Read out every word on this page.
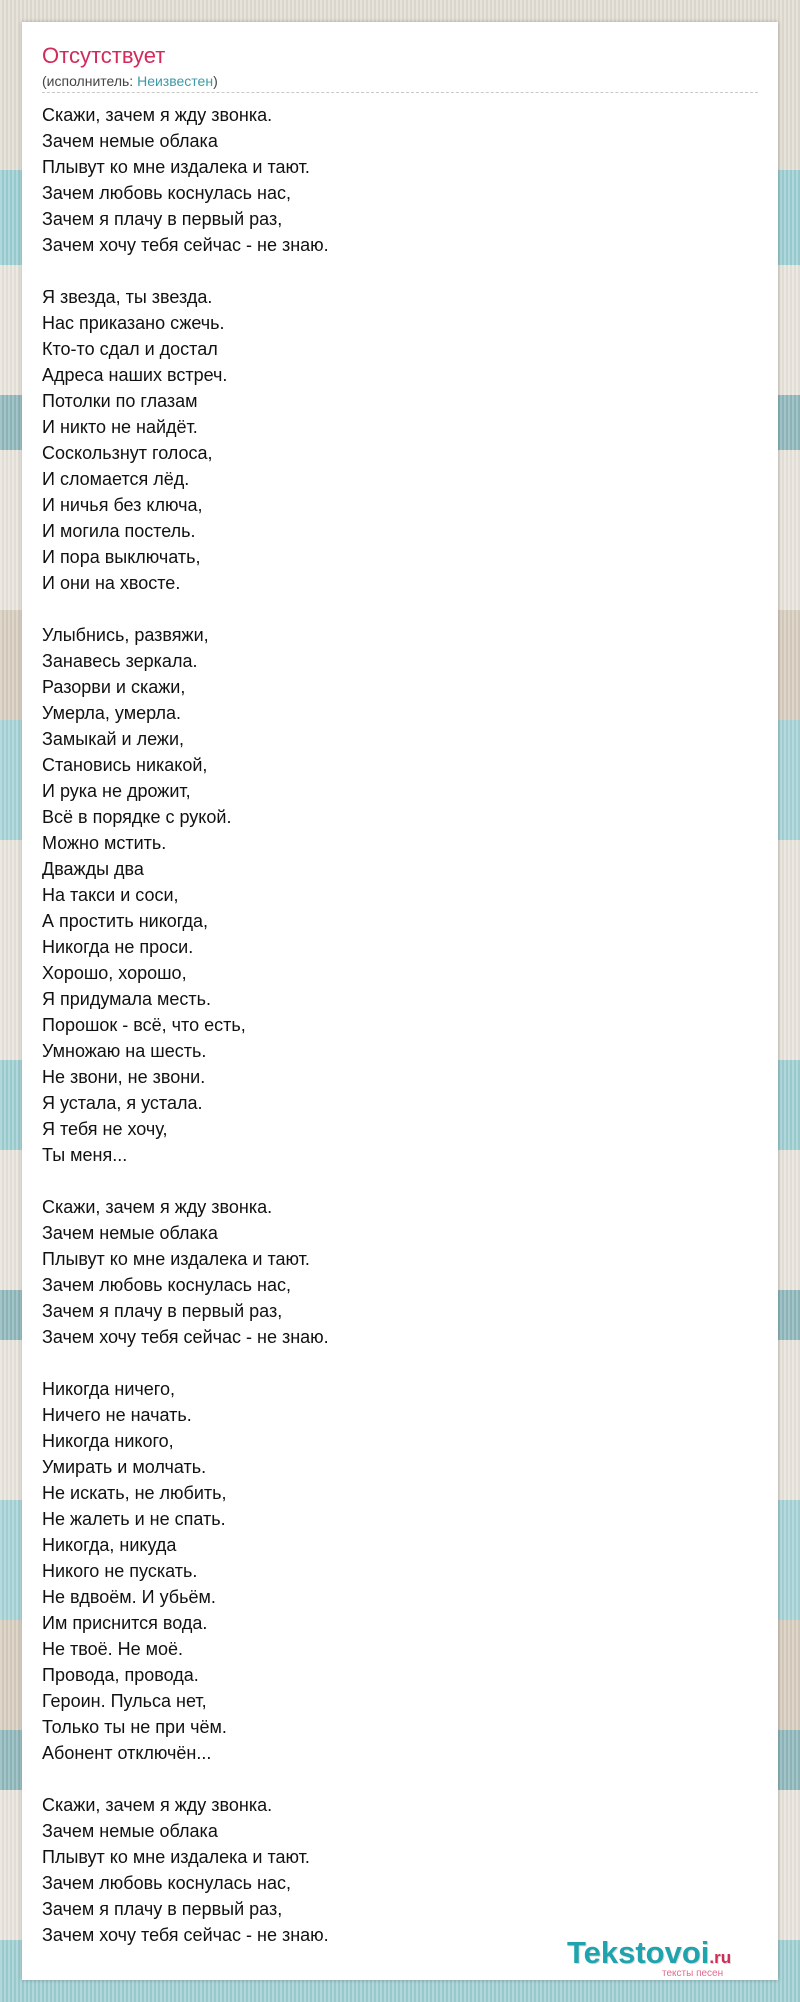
Отсутствует
(исполнитель: Неизвестен)
Скажи, зачем я жду звонка.
Зачем немые облака
Плывут ко мне издалека и тают.
Зачем любовь коснулась нас,
Зачем я плачу в первый раз,
Зачем хочу тебя сейчас - не знаю.
Я звезда, ты звезда.
Нас приказано сжечь.
Кто-то сдал и достал
Адреса наших встреч.
Потолки по глазам
И никто не найдёт.
Соскользнут голоса,
И сломается лёд.
И ничья без ключа,
И могила постель.
И пора выключать,
И они на хвосте.
Улыбнись, развяжи,
Занавесь зеркала.
Разорви и скажи,
Умерла, умерла.
Замыкай и лежи,
Становись никакой,
И рука не дрожит,
Всё в порядке с рукой.
Можно мстить.
Дважды два
На такси и соси,
А простить никогда,
Никогда не проси.
Хорошо, хорошо,
Я придумала месть.
Порошок - всё, что есть,
Умножаю на шесть.
Не звони, не звони.
Я устала, я устала.
Я тебя не хочу,
Ты меня...
Скажи, зачем я жду звонка.
Зачем немые облака
Плывут ко мне издалека и тают.
Зачем любовь коснулась нас,
Зачем я плачу в первый раз,
Зачем хочу тебя сейчас - не знаю.
Никогда ничего,
Ничего не начать.
Никогда никого,
Умирать и молчать.
Не искать, не любить,
Не жалеть и не спать.
Никогда, никуда
Никого не пускать.
Не вдвоём. И убьём.
Им приснится вода.
Не твоё. Не моё.
Провода, провода.
Героин. Пульса нет,
Только ты не при чём.
Абонент отключён...
Скажи, зачем я жду звонка.
Зачем немые облака
Плывут ко мне издалека и тают.
Зачем любовь коснулась нас,
Зачем я плачу в первый раз,
Зачем хочу тебя сейчас - не знаю.	Tekstovoi.ru
тексты песен
